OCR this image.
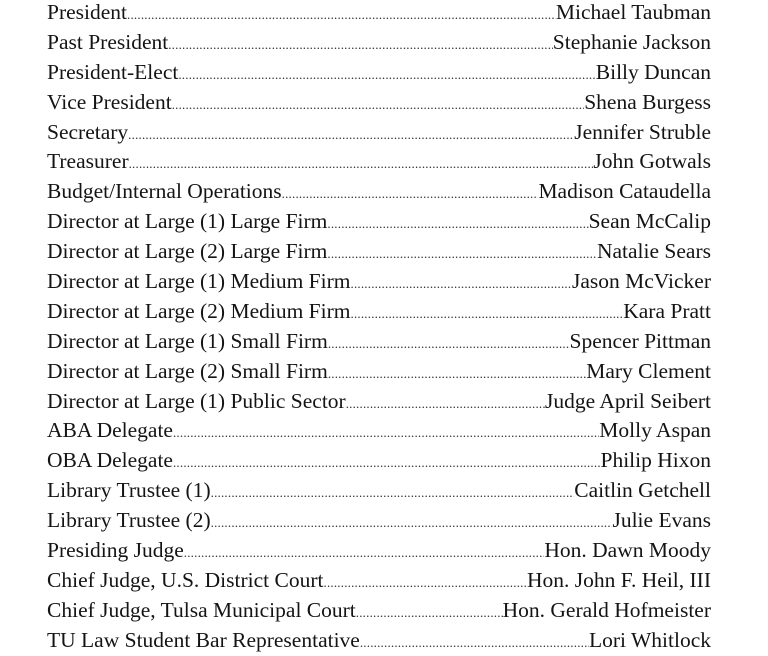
President .....	Michael Taubman
Past President .....	Stephanie Jackson
President-Elect .....	Billy Duncan
Vice President .....	Shena Burgess
Secretary .....	Jennifer Struble
Treasurer .....	John Gotwals
Budget/Internal Operations .....	Madison Cataudella
Director at Large (1) Large Firm .....	Sean McCalip
Director at Large (2) Large Firm .....	Natalie Sears
Director at Large (1) Medium Firm .....	Jason McVicker
Director at Large (2) Medium Firm .....	Kara Pratt
Director at Large (1) Small Firm .....	Spencer Pittman
Director at Large (2) Small Firm .....	Mary Clement
Director at Large (1) Public Sector .....	Judge April Seibert
ABA Delegate .....	Molly Aspan
OBA Delegate .....	Philip Hixon
Library Trustee (1) .....	Caitlin Getchell
Library Trustee (2) .....	Julie Evans
Presiding Judge .....	Hon. Dawn Moody
Chief Judge, U.S. District Court .....	Hon. John F. Heil, III
Chief Judge, Tulsa Municipal Court .....	Hon. Gerald Hofmeister
TU Law Student Bar Representative .....	Lori Whitlock
